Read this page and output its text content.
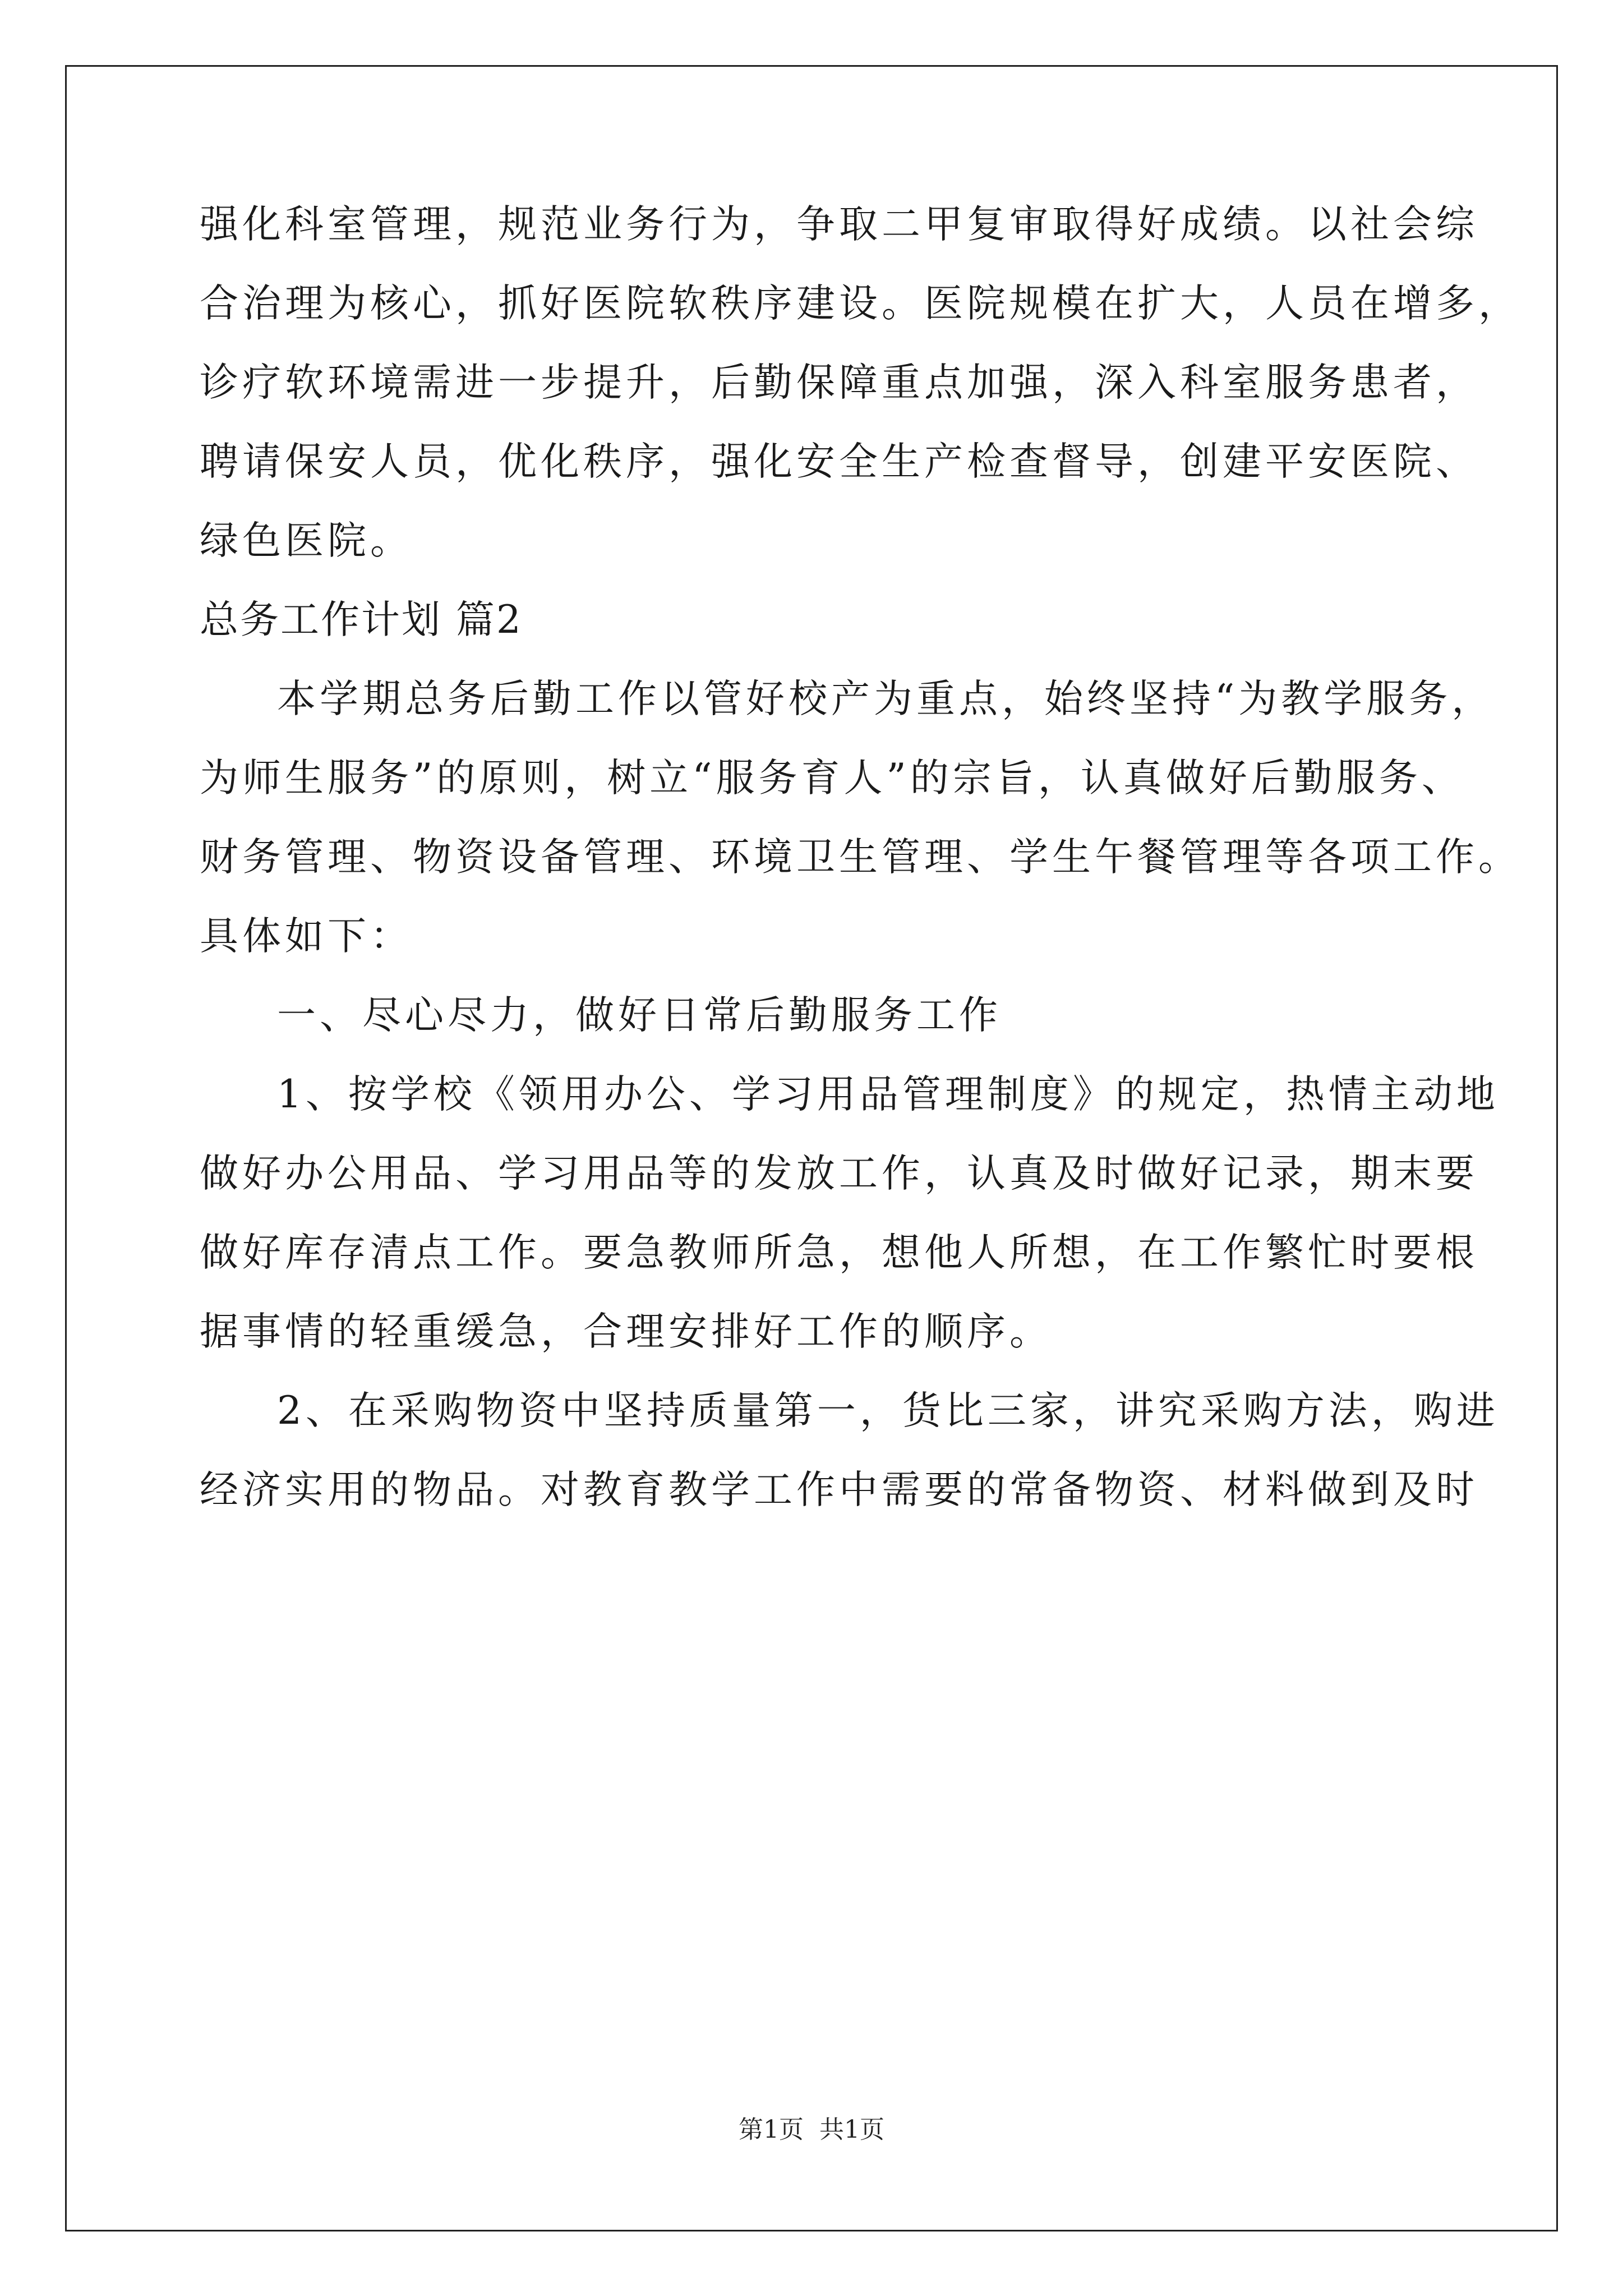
强化科室管理，规范业务行为，争取二甲复审取得好成绩。以社会综
合治理为核心，抓好医院软秩序建设。医院规模在扩大，人员在增多，
诊疗软环境需进一步提升，后勤保障重点加强，深入科室服务患者，
聘请保安人员，优化秩序，强化安全生产检查督导，创建平安医院、
绿色医院。
总务工作计划 篇2
本学期总务后勤工作以管好校产为重点，始终坚持“为教学服务，
为师生服务”的原则，树立“服务育人”的宗旨，认真做好后勤服务、
财务管理、物资设备管理、环境卫生管理、学生午餐管理等各项工作。
具体如下：
一、尽心尽力，做好日常后勤服务工作
1、按学校《领用办公、学习用品管理制度》的规定，热情主动地
做好办公用品、学习用品等的发放工作，认真及时做好记录，期末要
做好库存清点工作。要急教师所急，想他人所想，在工作繁忙时要根
据事情的轻重缓急，合理安排好工作的顺序。
2、在采购物资中坚持质量第一，货比三家，讲究采购方法，购进
经济实用的物品。对教育教学工作中需要的常备物资、材料做到及时
第1页  共1页
